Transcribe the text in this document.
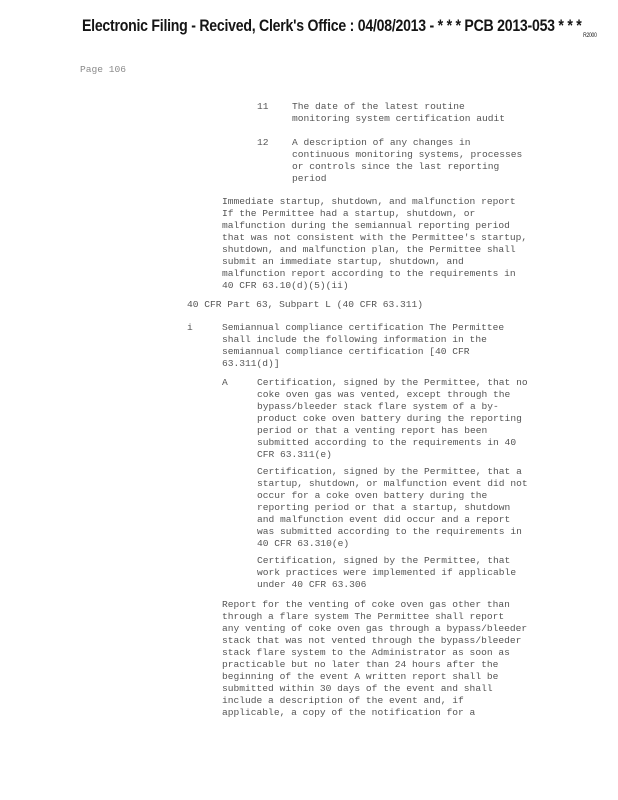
Electronic Filing - Recived, Clerk's Office : 04/08/2013 - * * * PCB 2013-053 * * $*_{R2000}$
Page 106
11 The date of the latest routine
monitoring system certification audit
12 A description of any changes in
continuous monitoring systems, processes
or controls since the last reporting
period
Immediate startup, shutdown, and malfunction report
If the Permittee had a startup, shutdown, or
malfunction during the semiannual reporting period
that was not consistent with the Permittee's startup,
shutdown, and malfunction plan, the Permittee shall
submit an immediate startup, shutdown, and
malfunction report according to the requirements in
40 CFR 63.10(d)(5)(ii)
40 CFR Part 63, Subpart L (40 CFR 63.311)
i	Semiannual compliance certification The Permittee
shall include the following information in the
semiannual compliance certification [40 CFR
63.311(d)]
A	Certification, signed by the Permittee, that no
coke oven gas was vented, except through the
bypass/bleeder stack flare system of a by-
product coke oven battery during the reporting
period or that a venting report has been
submitted according to the requirements in 40
CFR 63.311(e)
Certification, signed by the Permittee, that a
startup, shutdown, or malfunction event did not
occur for a coke oven battery during the
reporting period or that a startup, shutdown
and malfunction event did occur and a report
was submitted according to the requirements in
40 CFR 63.310(e)
Certification, signed by the Permittee, that
work practices were implemented if applicable
under 40 CFR 63.306
Report for the venting of coke oven gas other than
through a flare system The Permittee shall report
any venting of coke oven gas through a bypass/bleeder
stack that was not vented through the bypass/bleeder
stack flare system to the Administrator as soon as
practicable but no later than 24 hours after the
beginning of the event A written report shall be
submitted within 30 days of the event and shall
include a description of the event and, if
applicable, a copy of the notification for a
